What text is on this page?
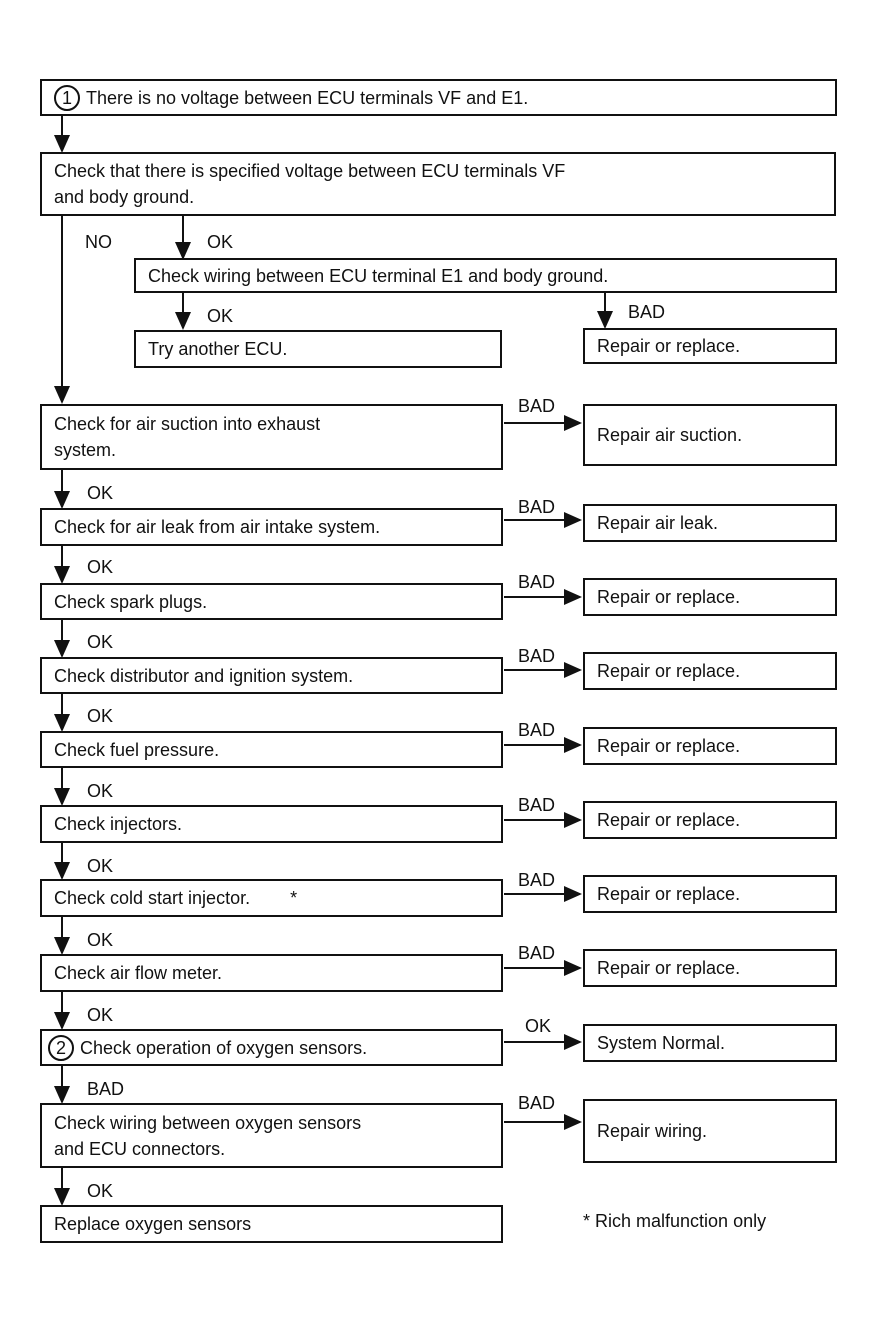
1 There is no voltage between ECU terminals VF and E1.
Check that there is specified voltage between ECU terminals VF
and body ground.
Check wiring between ECU terminal E1 and body ground.
Try another ECU.	Repair or replace.
Check for air suction into exhaust
system.
Repair air suction.
Check for air leak from air intake system.	Repair air leak.
Check spark plugs.	Repair or replace.
Check distributor and ignition system.	Repair or replace.
Check fuel pressure.	Repair or replace.
Check injectors.	Repair or replace.
Check cold start injector. *	Repair or replace.
Check air flow meter.	Repair or replace.
2 Check operation of oxygen sensors.	System Normal.
Check wiring between oxygen sensors
and ECU connectors.
Repair wiring.
Replace oxygen sensors
NO	OK
OK	BAD
BAD
OK
BAD
OK
BAD
OK
BAD
OK
BAD
OK
BAD
OK
BAD
OK
BAD
OK
OK
BAD
BAD
OK
* Rich malfunction only
